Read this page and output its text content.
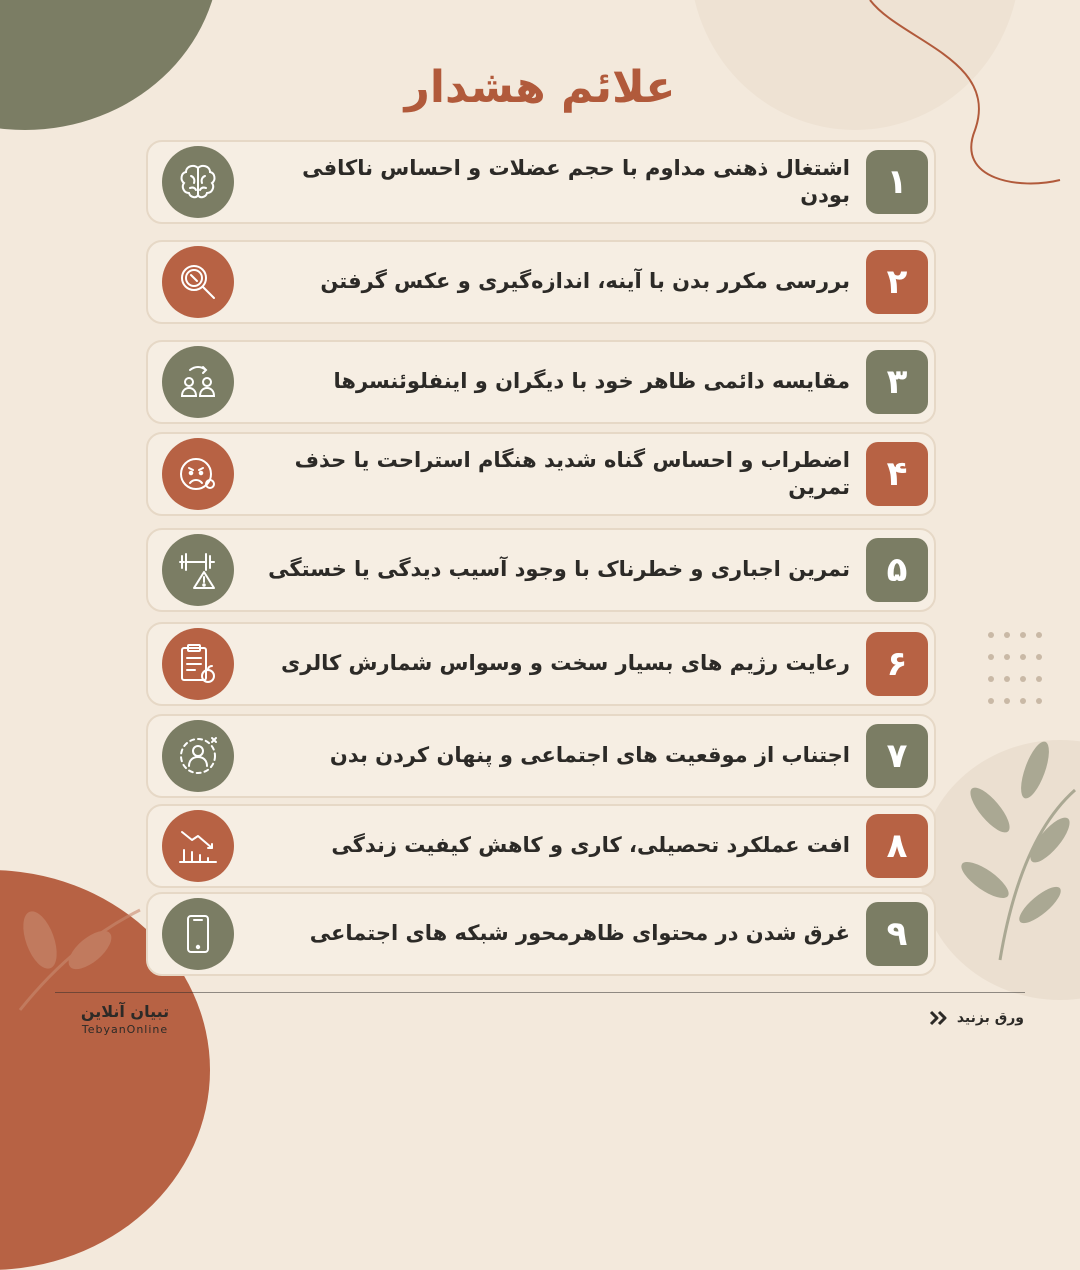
علائم هشدار
۱
اشتغال ذهنی مداوم با حجم عضلات و احساس ناکافی بودن
۲
بررسی مکرر بدن با آینه، اندازه‌گیری و عکس گرفتن
۳
مقایسه دائمی ظاهر خود با دیگران و اینفلوئنسرها
۴
اضطراب و احساس گناه شدید هنگام استراحت یا حذف تمرین
۵
تمرین اجباری و خطرناک با وجود آسیب دیدگی یا خستگی
۶
رعایت رژیم های بسیار سخت و وسواس شمارش کالری
۷
اجتناب از موقعیت های اجتماعی و پنهان کردن بدن
۸
افت عملکرد تحصیلی، کاری و کاهش کیفیت زندگی
۹
غرق شدن در محتوای ظاهرمحور شبکه های اجتماعی
تبیان آنلاین
TebyanOnline
ورق بزنید
